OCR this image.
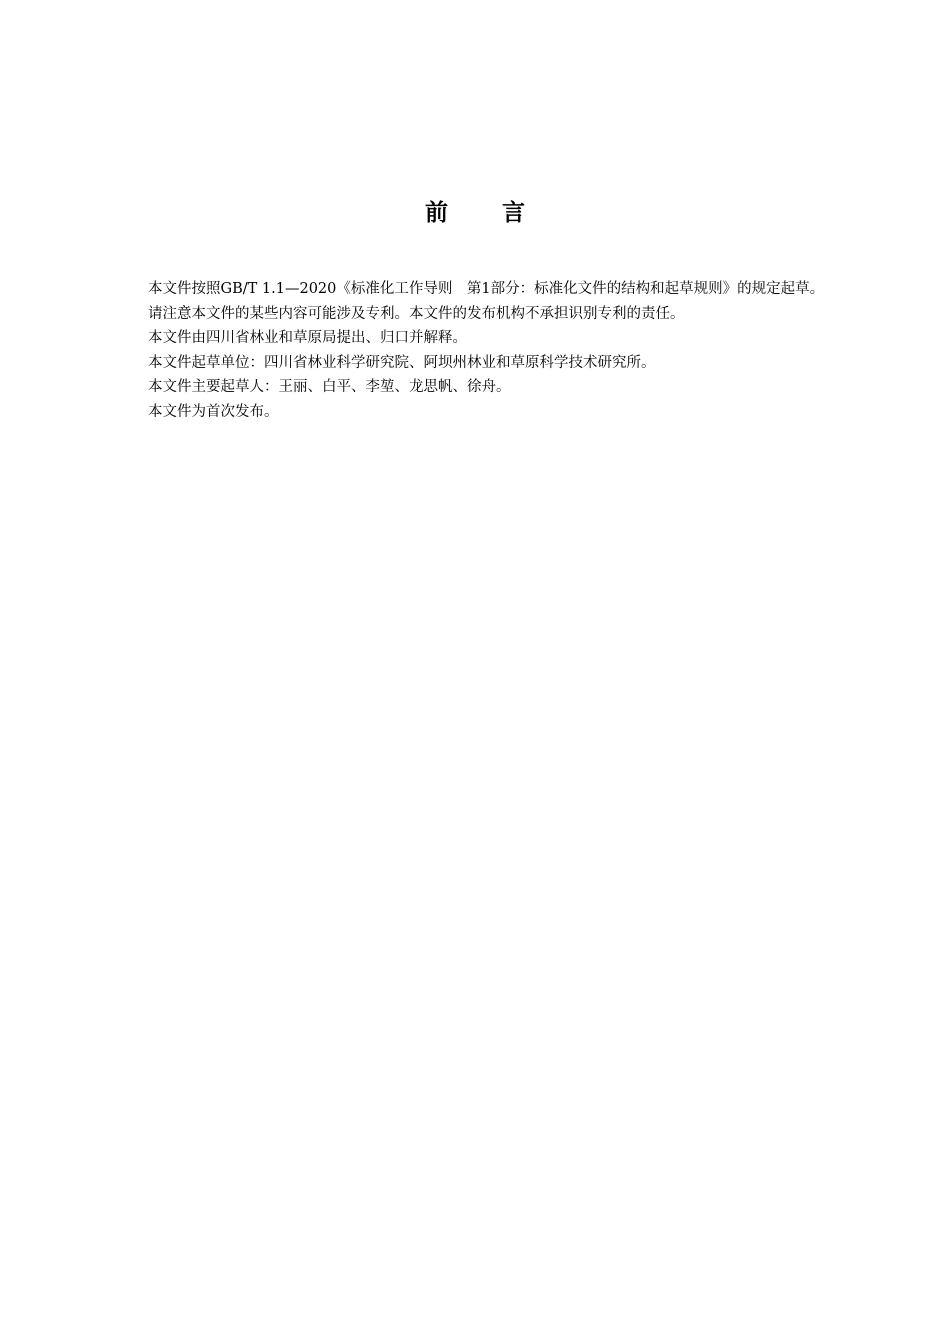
前 言

本文件按照GB/T 1.1—2020《标准化工作导则　第1部分：标准化文件的结构和起草规则》的规定起草。

请注意本文件的某些内容可能涉及专利。本文件的发布机构不承担识别专利的责任。

本文件由四川省林业和草原局提出、归口并解释。

本文件起草单位：四川省林业科学研究院、阿坝州林业和草原科学技术研究所。

本文件主要起草人：王丽、白平、李堃、龙思帆、徐舟。

本文件为首次发布。
